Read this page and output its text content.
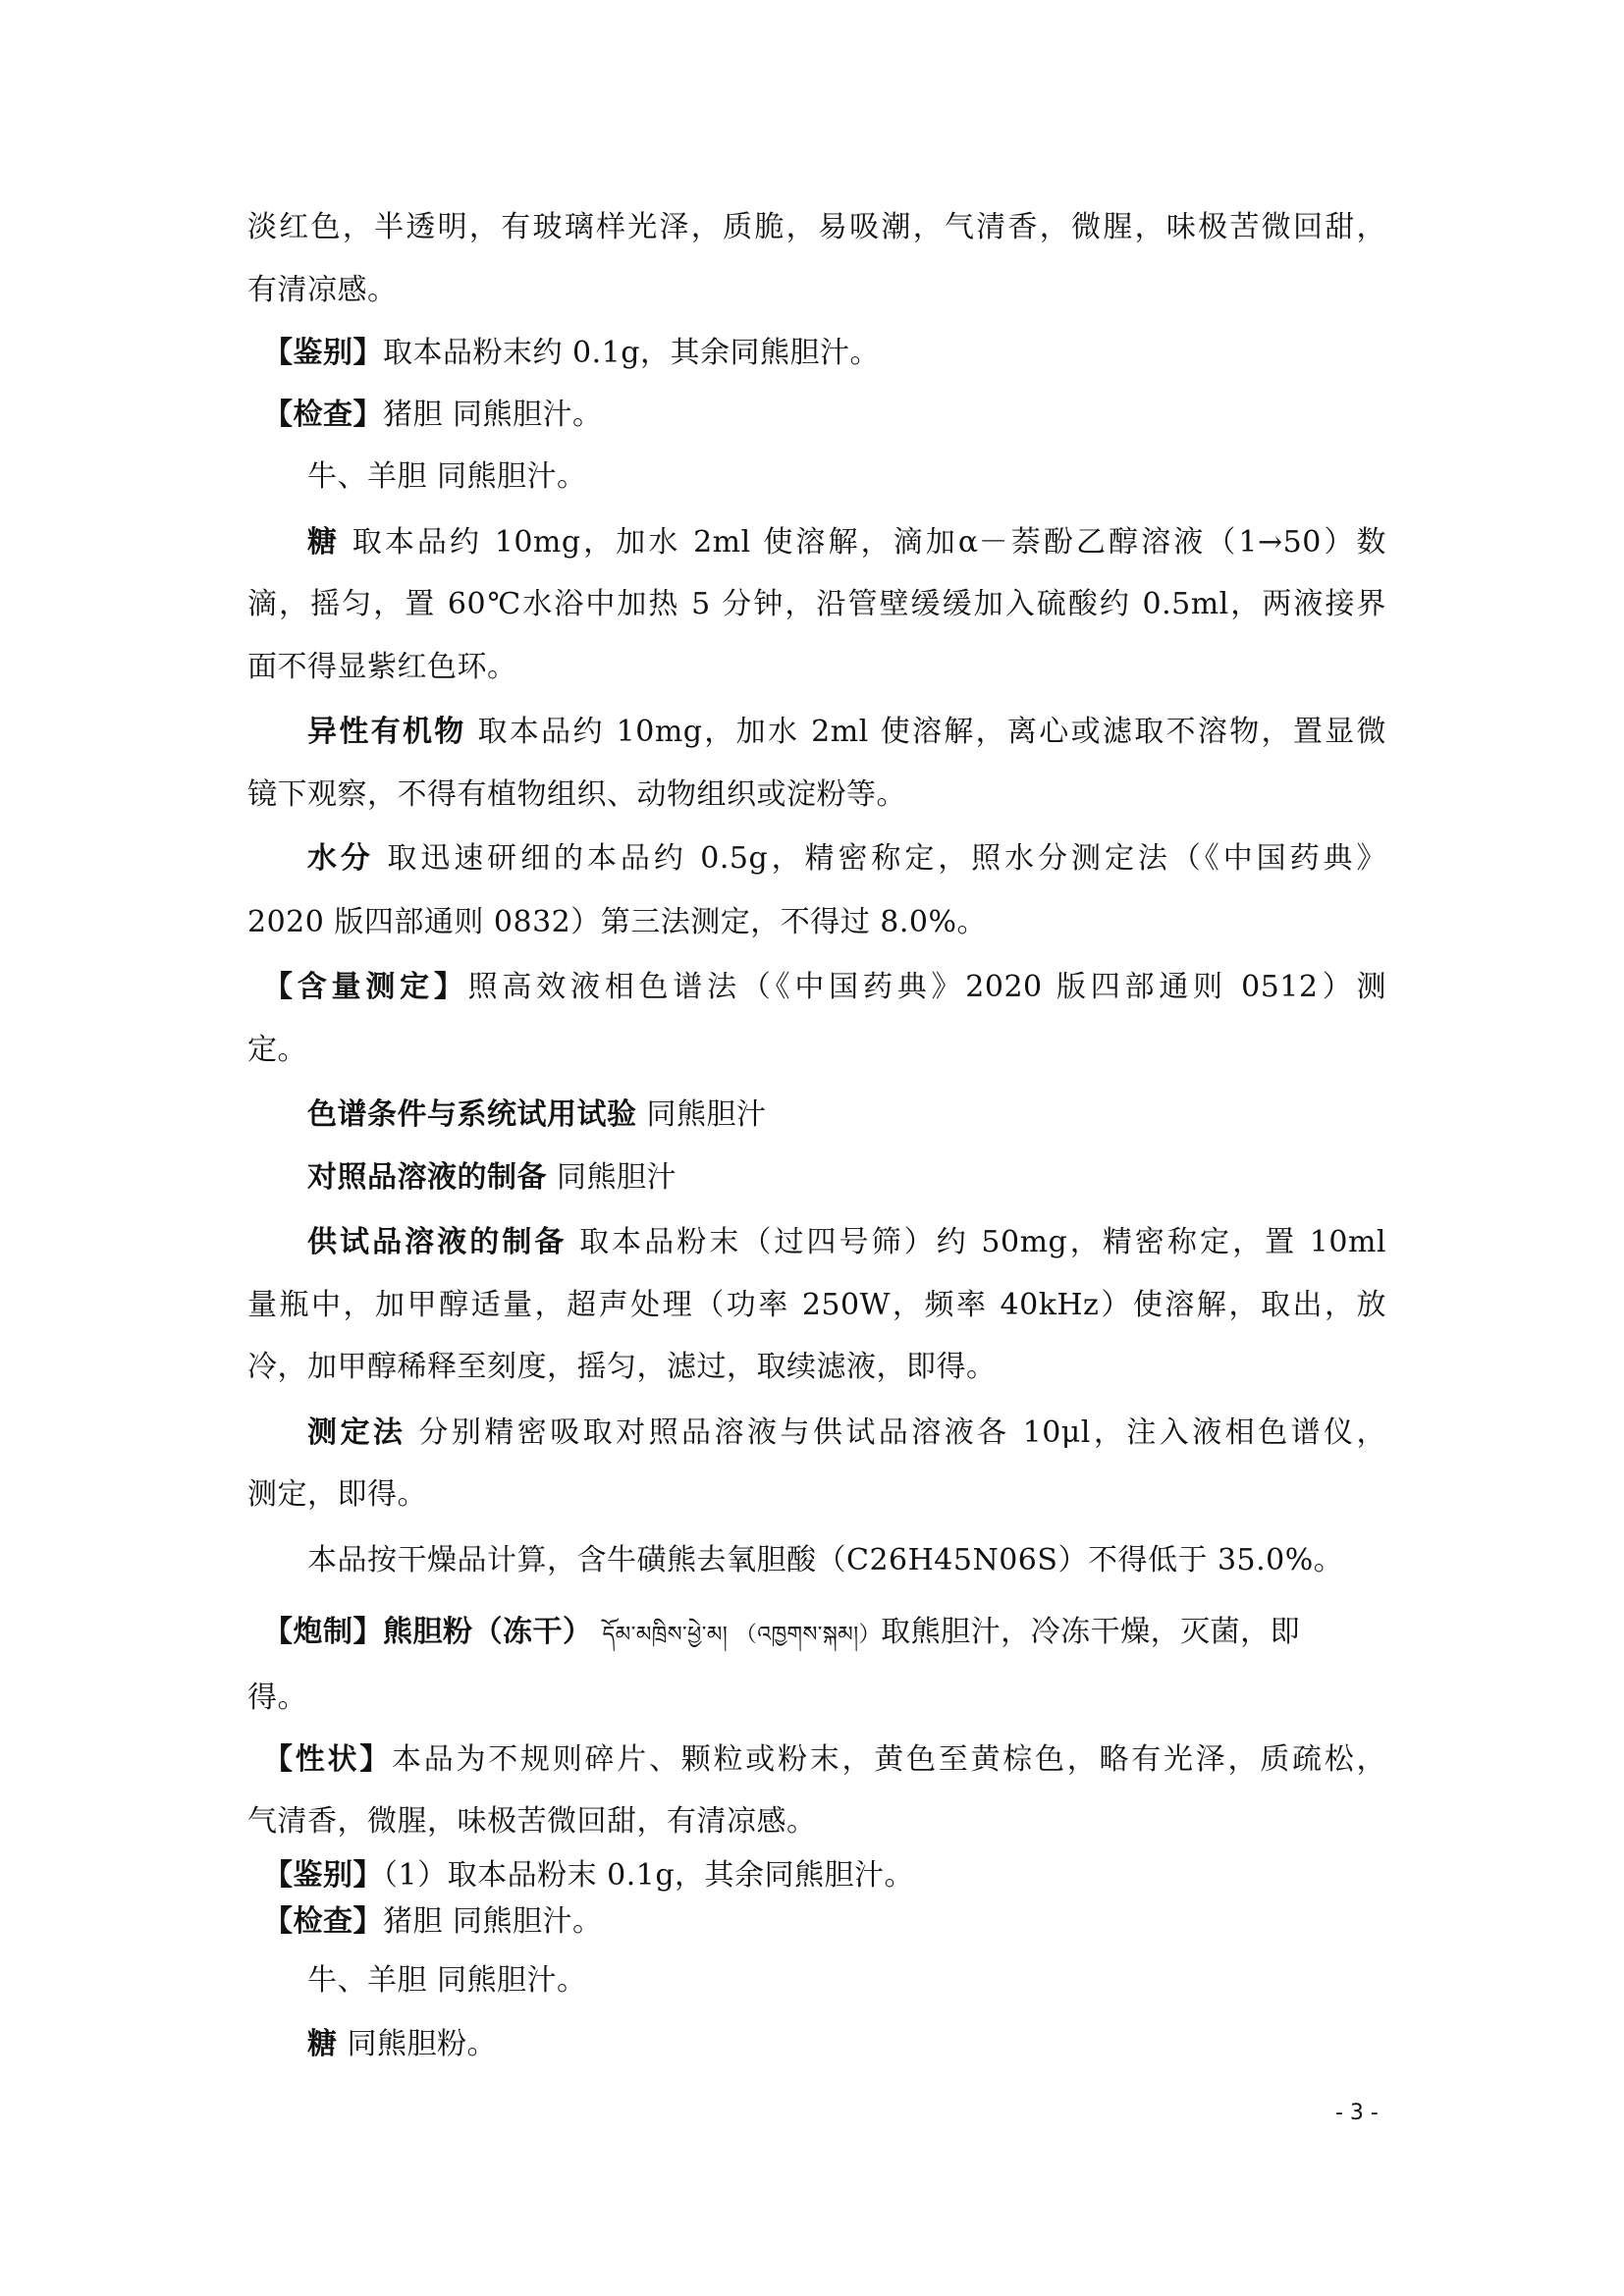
淡红色，半透明，有玻璃样光泽，质脆，易吸潮，气清香，微腥，味极苦微回甜，
有清凉感。
【鉴别】取本品粉末约 0.1g，其余同熊胆汁。
【检查】猪胆 同熊胆汁。
牛、羊胆 同熊胆汁。
糖 取本品约 10mg，加水 2ml 使溶解，滴加α－萘酚乙醇溶液（1→50）数
滴，摇匀，置 60℃水浴中加热 5 分钟，沿管壁缓缓加入硫酸约 0.5ml，两液接界
面不得显紫红色环。
异性有机物 取本品约 10mg，加水 2ml 使溶解，离心或滤取不溶物，置显微
镜下观察，不得有植物组织、动物组织或淀粉等。
水分 取迅速研细的本品约 0.5g，精密称定，照水分测定法（《中国药典》
2020 版四部通则 0832）第三法测定，不得过 8.0%。
【含量测定】照高效液相色谱法（《中国药典》2020 版四部通则 0512）测
定。
色谱条件与系统试用试验 同熊胆汁
对照品溶液的制备 同熊胆汁
供试品溶液的制备 取本品粉末（过四号筛）约 50mg，精密称定，置 10ml
量瓶中，加甲醇适量，超声处理（功率 250W，频率 40kHz）使溶解，取出，放
冷，加甲醇稀释至刻度，摇匀，滤过，取续滤液，即得。
测定法 分别精密吸取对照品溶液与供试品溶液各 10μl，注入液相色谱仪，
测定，即得。
本品按干燥品计算，含牛磺熊去氧胆酸（C26H45N06S）不得低于 35.0%。
【炮制】熊胆粉（冻干） དོམ་མཁྲིས་ཕྱེ་མ། （འཁྱགས་སྐམ།）取熊胆汁，冷冻干燥，灭菌，即
得。
【性状】本品为不规则碎片、颗粒或粉末，黄色至黄棕色，略有光泽，质疏松，
气清香，微腥，味极苦微回甜，有清凉感。
【鉴别】（1）取本品粉末 0.1g，其余同熊胆汁。
【检查】猪胆 同熊胆汁。
牛、羊胆 同熊胆汁。
糖 同熊胆粉。
- 3 -
